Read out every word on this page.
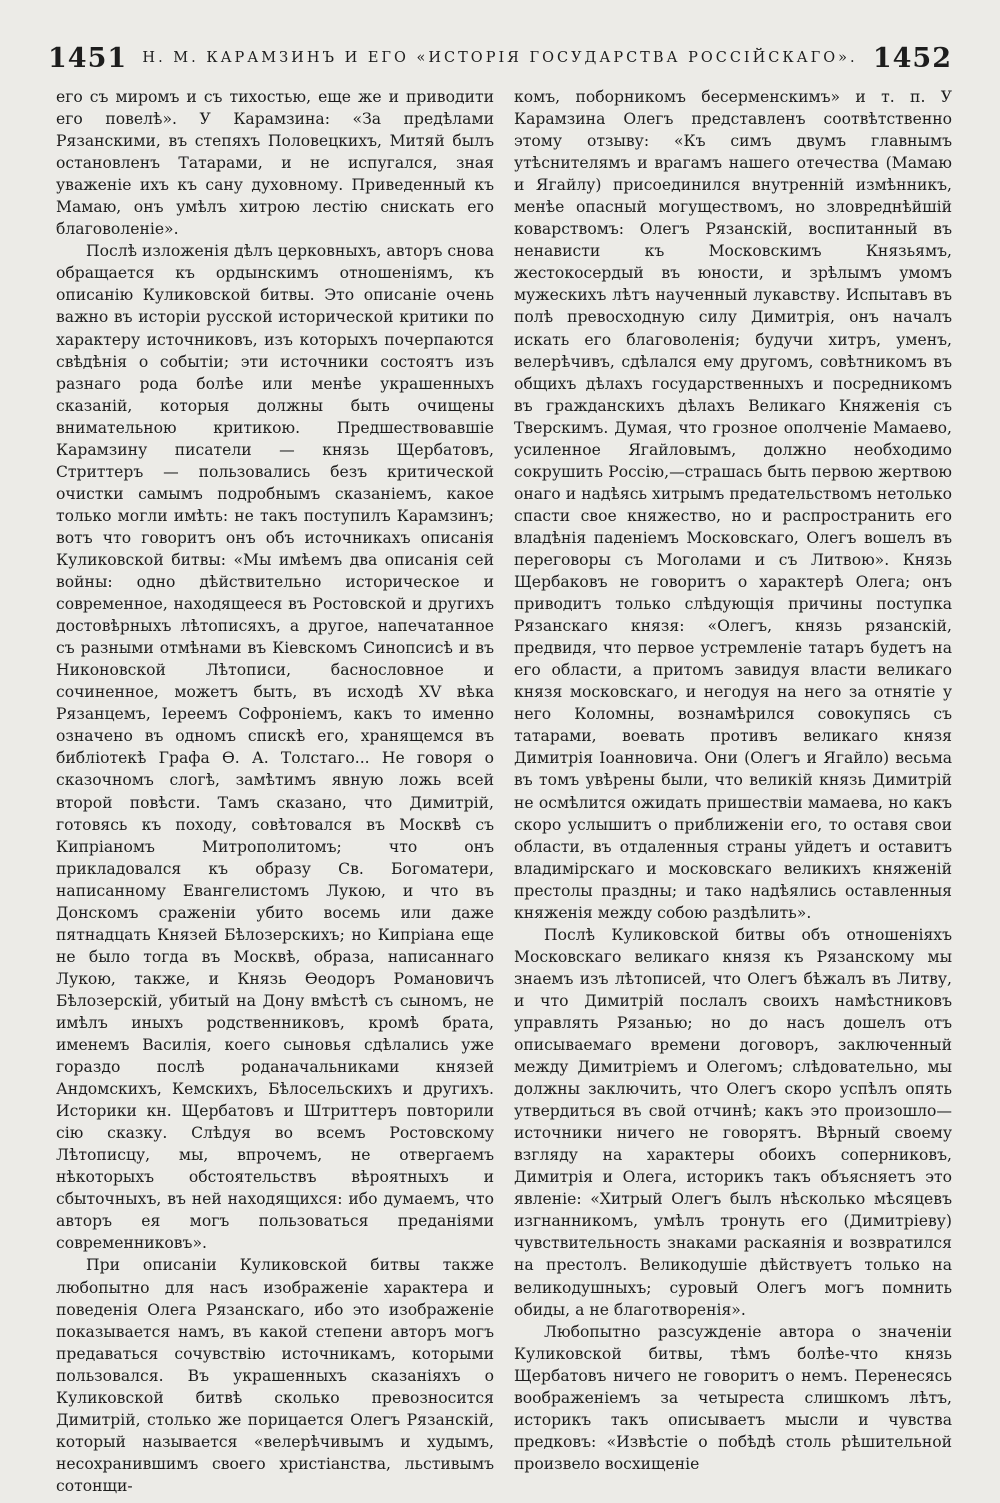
1451 Н. М. КАРАМЗИНЪ И ЕГО «ИСТОРІЯ ГОСУДАРСТВА РОССІЙСКАГО». 1452

его съ миромъ и съ тихостью, еще же и приводити его повелѣ». У Карамзина: «За предѣлами Рязанскими, въ степяхъ Половецкихъ, Митяй былъ остановленъ Татарами, и не испугался, зная уваженіе ихъ къ сану духовному. Приведенный къ Мамаю, онъ умѣлъ хитрою лестію снискать его благоволеніе».

Послѣ изложенія дѣлъ церковныхъ, авторъ снова обращается къ ордынскимъ отношеніямъ, къ описанію Куликовской битвы. Это описаніе очень важно въ исторіи русской исторической критики по характеру источниковъ, изъ которыхъ почерпаются свѣдѣнія о событіи; эти источники состоятъ изъ разнаго рода болѣе или менѣе украшенныхъ сказаній, которыя должны быть очищены внимательною критикою. Предшествовавшіе Карамзину писатели — князь Щербатовъ, Стриттеръ — пользовались безъ критической очистки самымъ подробнымъ сказаніемъ, какое только могли имѣть: не такъ поступилъ Карамзинъ; вотъ что говоритъ онъ объ источникахъ описанія Куликовской битвы: «Мы имѣемъ два описанія сей войны: одно дѣйствительно историческое и современное, находящееся въ Ростовской и другихъ достовѣрныхъ лѣтописяхъ, а другое, напечатанное съ разными отмѣнами въ Кіевскомъ Синопсисѣ и въ Никоновской Лѣтописи, баснословное и сочиненное, можетъ быть, въ исходѣ XV вѣка Рязанцемъ, Іереемъ Софроніемъ, какъ то именно означено въ одномъ спискѣ его, хранящемся въ библіотекѣ Графа Ѳ. А. Толстаго... Не говоря о сказочномъ слогѣ, замѣтимъ явную ложь всей второй повѣсти. Тамъ сказано, что Димитрій, готовясь къ походу, совѣтовался въ Москвѣ съ Кипріаномъ Митрополитомъ; что онъ прикладовался къ образу Св. Богоматери, написанному Евангелистомъ Лукою, и что въ Донскомъ сраженіи убито восемь или даже пятнадцать Князей Бѣлозерскихъ; но Кипріана еще не было тогда въ Москвѣ, образа, написаннаго Лукою, также, и Князь Ѳеодоръ Романовичъ Бѣлозерскій, убитый на Дону вмѣстѣ съ сыномъ, не имѣлъ иныхъ родственниковъ, кромѣ брата, именемъ Василія, коего сыновья сдѣлались уже гораздо послѣ роданачальниками князей Андомскихъ, Кемскихъ, Бѣлосельскихъ и другихъ. Историки кн. Щербатовъ и Штриттеръ повторили сію сказку. Слѣдуя во всемъ Ростовскому Лѣтописцу, мы, впрочемъ, не отвергаемъ нѣкоторыхъ обстоятельствъ вѣроятныхъ и сбыточныхъ, въ ней находящихся: ибо думаемъ, что авторъ ея могъ пользоваться преданіями современниковъ».

При описаніи Куликовской битвы также любопытно для насъ изображеніе характера и поведенія Олега Рязанскаго, ибо это изображеніе показывается намъ, въ какой степени авторъ могъ предаваться сочувствію источникамъ, которыми пользовался. Въ украшенныхъ сказаніяхъ о Куликовской битвѣ сколько превозносится Димитрій, столько же порицается Олегъ Рязанскій, который называется «велерѣчивымъ и худымъ, несохранившимъ своего христіанства, льстивымъ сотонщи-

комъ, поборникомъ бесерменскимъ» и т. п. У Карамзина Олегъ представленъ соотвѣтственно этому отзыву: «Къ симъ двумъ главнымъ утѣснителямъ и врагамъ нашего отечества (Мамаю и Ягайлу) присоединился внутренній измѣнникъ, менѣе опасный могуществомъ, но зловреднѣйшій коварствомъ: Олегъ Рязанскій, воспитанный въ ненависти къ Московскимъ Князьямъ, жестокосердый въ юности, и зрѣлымъ умомъ мужескихъ лѣтъ наученный лукавству. Испытавъ въ полѣ превосходную силу Димитрія, онъ началъ искать его благоволенія; будучи хитръ, уменъ, велерѣчивъ, сдѣлался ему другомъ, совѣтникомъ въ общихъ дѣлахъ государственныхъ и посредникомъ въ гражданскихъ дѣлахъ Великаго Княженія съ Тверскимъ. Думая, что грозное ополченіе Мамаево, усиленное Ягайловымъ, должно необходимо сокрушить Россію,—страшась быть первою жертвою онаго и надѣясь хитрымъ предательствомъ нетолько спасти свое княжество, но и распространить его владѣнія паденіемъ Московскаго, Олегъ вошелъ въ переговоры съ Моголами и съ Литвою». Князь Щербаковъ не говоритъ о характерѣ Олега; онъ приводитъ только слѣдующія причины поступка Рязанскаго князя: «Олегъ, князь рязанскій, предвидя, что первое устремленіе татаръ будетъ на его области, а притомъ завидуя власти великаго князя московскаго, и негодуя на него за отнятіе у него Коломны, вознамѣрился совокупясь съ татарами, воевать противъ великаго князя Димитрія Іоанновича. Они (Олегъ и Ягайло) весьма въ томъ увѣрены были, что великій князь Димитрій не осмѣлится ожидать пришествіи мамаева, но какъ скоро услышитъ о приближеніи его, то оставя свои области, въ отдаленныя страны уйдетъ и оставитъ владимірскаго и московскаго великихъ княженій престолы праздны; и тако надѣялись оставленныя княженія между собою раздѣлить».

Послѣ Куликовской битвы объ отношеніяхъ Московскаго великаго князя къ Рязанскому мы знаемъ изъ лѣтописей, что Олегъ бѣжалъ въ Литву, и что Димитрій послалъ своихъ намѣстниковъ управлять Рязанью; но до насъ дошелъ отъ описываемаго времени договоръ, заключенный между Димитріемъ и Олегомъ; слѣдовательно, мы должны заключить, что Олегъ скоро успѣлъ опять утвердиться въ свой отчинѣ; какъ это произошло—источники ничего не говорятъ. Вѣрный своему взгляду на характеры обоихъ соперниковъ, Димитрія и Олега, историкъ такъ объясняетъ это явленіе: «Хитрый Олегъ былъ нѣсколько мѣсяцевъ изгнанникомъ, умѣлъ тронуть его (Димитріеву) чувствительность знаками раскаянія и возвратился на престолъ. Великодушіе дѣйствуетъ только на великодушныхъ; суровый Олегъ могъ помнить обиды, а не благотворенія».

Любопытно разсужденіе автора о значеніи Куликовской битвы, тѣмъ болѣе-что князь Щербатовъ ничего не говоритъ о немъ. Перенесясь воображеніемъ за четыреста слишкомъ лѣтъ, историкъ такъ описываетъ мысли и чувства предковъ: «Извѣстіе о побѣдѣ столь рѣшительной произвело восхищеніе
